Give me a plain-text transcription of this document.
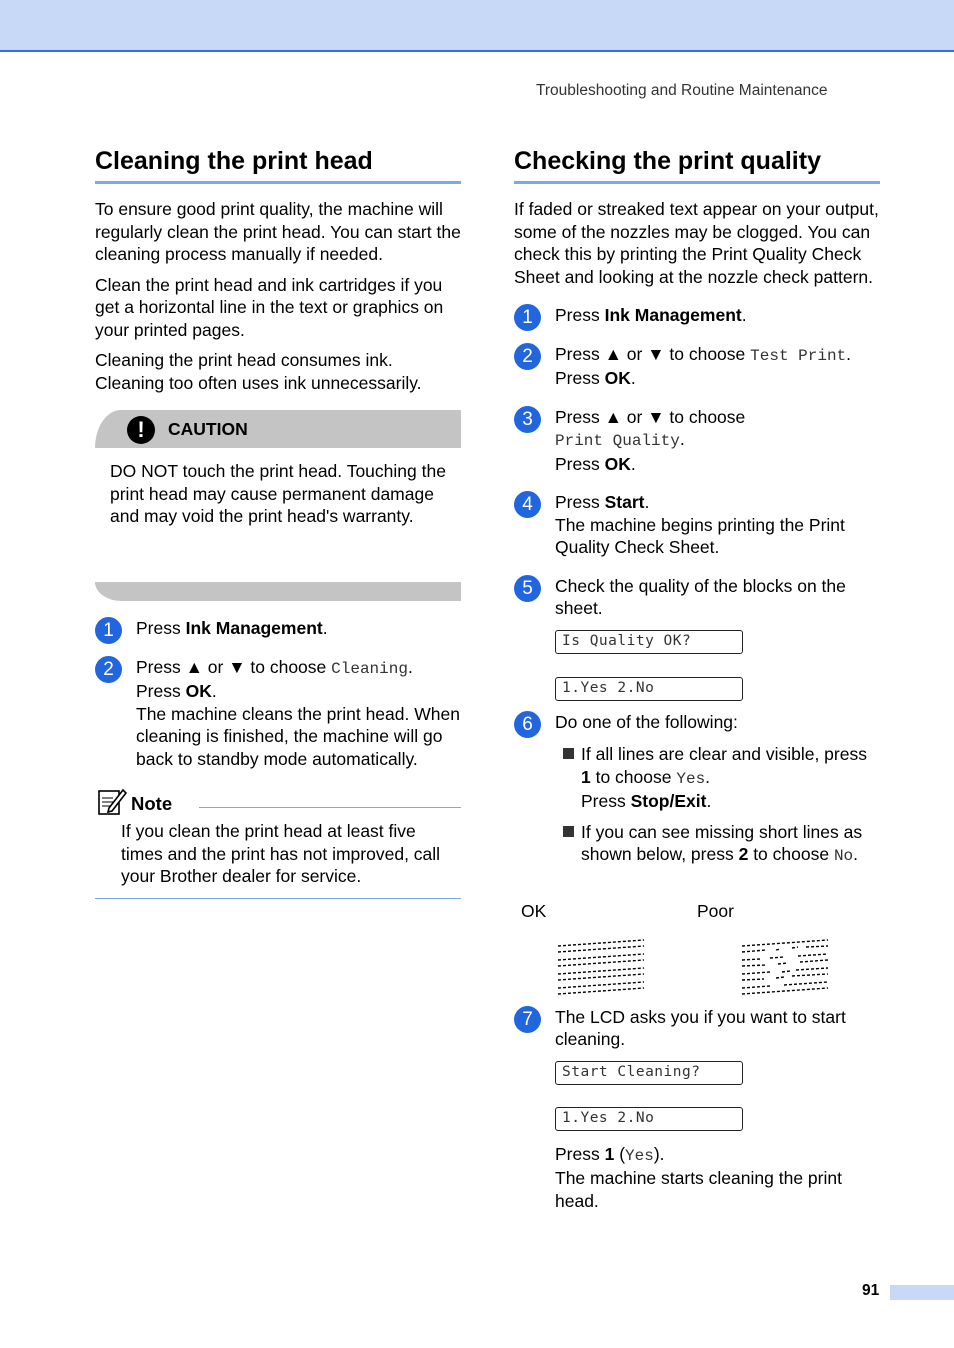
Troubleshooting and Routine Maintenance
Cleaning the print head

To ensure good print quality, the machine will regularly clean the print head. You can start the cleaning process manually if needed.

Clean the print head and ink cartridges if you get a horizontal line in the text or graphics on your printed pages.

Cleaning the print head consumes ink. Cleaning too often uses ink unnecessarily.

!	CAUTION
DO NOT touch the print head. Touching the print head may cause permanent damage and may void the print head's warranty.
1	Press Ink Management.
2	Press ▲ or ▼ to choose Cleaning.
Press OK.
The machine cleans the print head. When cleaning is finished, the machine will go back to standby mode automatically.
Note
If you clean the print head at least five times and the print has not improved, call your Brother dealer for service.
Checking the print quality

If faded or streaked text appear on your output, some of the nozzles may be clogged. You can check this by printing the Print Quality Check Sheet and looking at the nozzle check pattern.

1	Press Ink Management.
2	Press ▲ or ▼ to choose Test Print.
Press OK.
3	Press ▲ or ▼ to choose
Print Quality.
Press OK.
4	Press Start.
The machine begins printing the Print Quality Check Sheet.
5	Check the quality of the blocks on the sheet.
Is Quality OK?
1.Yes 2.No
6	Do one of the following:
If all lines are clear and visible, press 1 to choose Yes.
Press Stop/Exit.
If you can see missing short lines as shown below, press 2 to choose No.
OK	Poor
7	The LCD asks you if you want to start cleaning.
Start Cleaning?
1.Yes 2.No
Press 1 (Yes).
The machine starts cleaning the print head.
91
